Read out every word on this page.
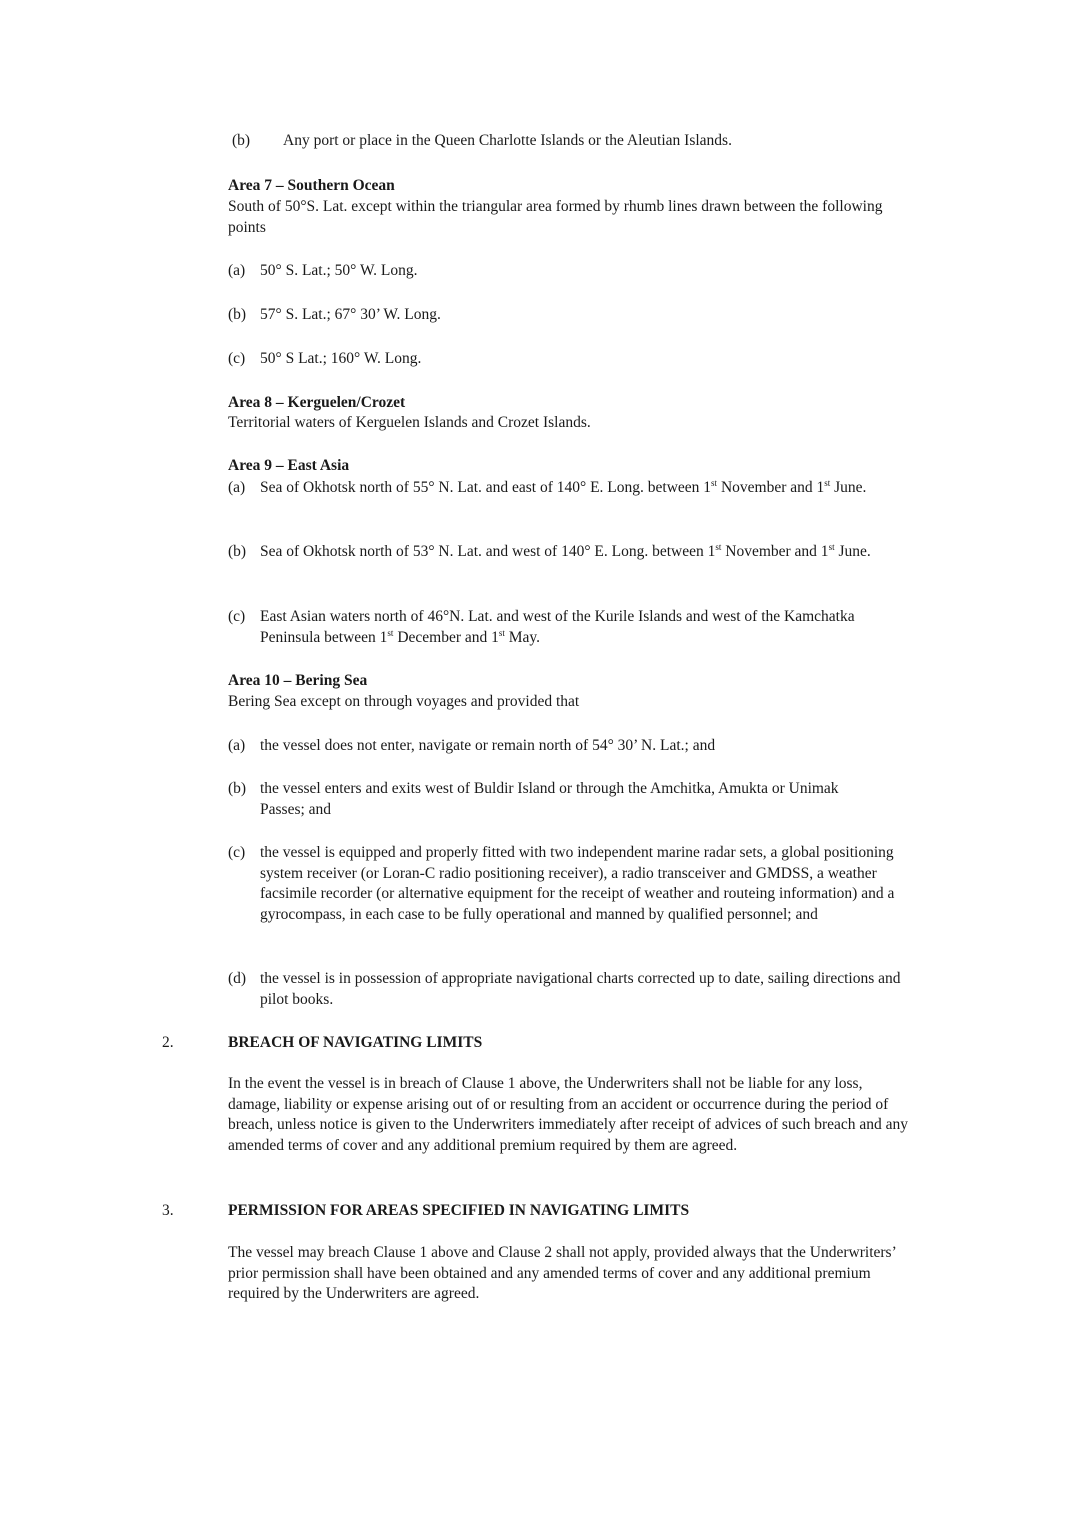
(b) Any port or place in the Queen Charlotte Islands or the Aleutian Islands.

Area 7 – Southern Ocean

South of 50°S. Lat. except within the triangular area formed by rhumb lines drawn between the following points

(a) 50° S. Lat.; 50° W. Long.
(b) 57° S. Lat.; 67° 30’ W. Long.
(c) 50° S Lat.; 160° W. Long.

Area 8 – Kerguelen/Crozet

Territorial waters of Kerguelen Islands and Crozet Islands.

Area 9 – East Asia

(a) Sea of Okhotsk north of 55° N. Lat. and east of 140° E. Long. between 1st November and 1st June.
(b) Sea of Okhotsk north of 53° N. Lat. and west of 140° E. Long. between 1st November and 1st June.
(c) East Asian waters north of 46°N. Lat. and west of the Kurile Islands and west of the Kamchatka Peninsula between 1st December and 1st May.

Area 10 – Bering Sea

Bering Sea except on through voyages and provided that

(a) the vessel does not enter, navigate or remain north of 54° 30’ N. Lat.; and
(b) the vessel enters and exits west of Buldir Island or through the Amchitka, Amukta or Unimak Passes; and
(c) the vessel is equipped and properly fitted with two independent marine radar sets, a global positioning system receiver (or Loran-C radio positioning receiver), a radio transceiver and GMDSS, a weather facsimile recorder (or alternative equipment for the receipt of weather and routeing information) and a gyrocompass, in each case to be fully operational and manned by qualified personnel; and
(d) the vessel is in possession of appropriate navigational charts corrected up to date, sailing directions and pilot books.
2.	BREACH OF NAVIGATING LIMITS

In the event the vessel is in breach of Clause 1 above, the Underwriters shall not be liable for any loss, damage, liability or expense arising out of or resulting from an accident or occurrence during the period of breach, unless notice is given to the Underwriters immediately after receipt of advices of such breach and any amended terms of cover and any additional premium required by them are agreed.

3.	PERMISSION FOR AREAS SPECIFIED IN NAVIGATING LIMITS

The vessel may breach Clause 1 above and Clause 2 shall not apply, provided always that the Underwriters’ prior permission shall have been obtained and any amended terms of cover and any additional premium required by the Underwriters are agreed.
